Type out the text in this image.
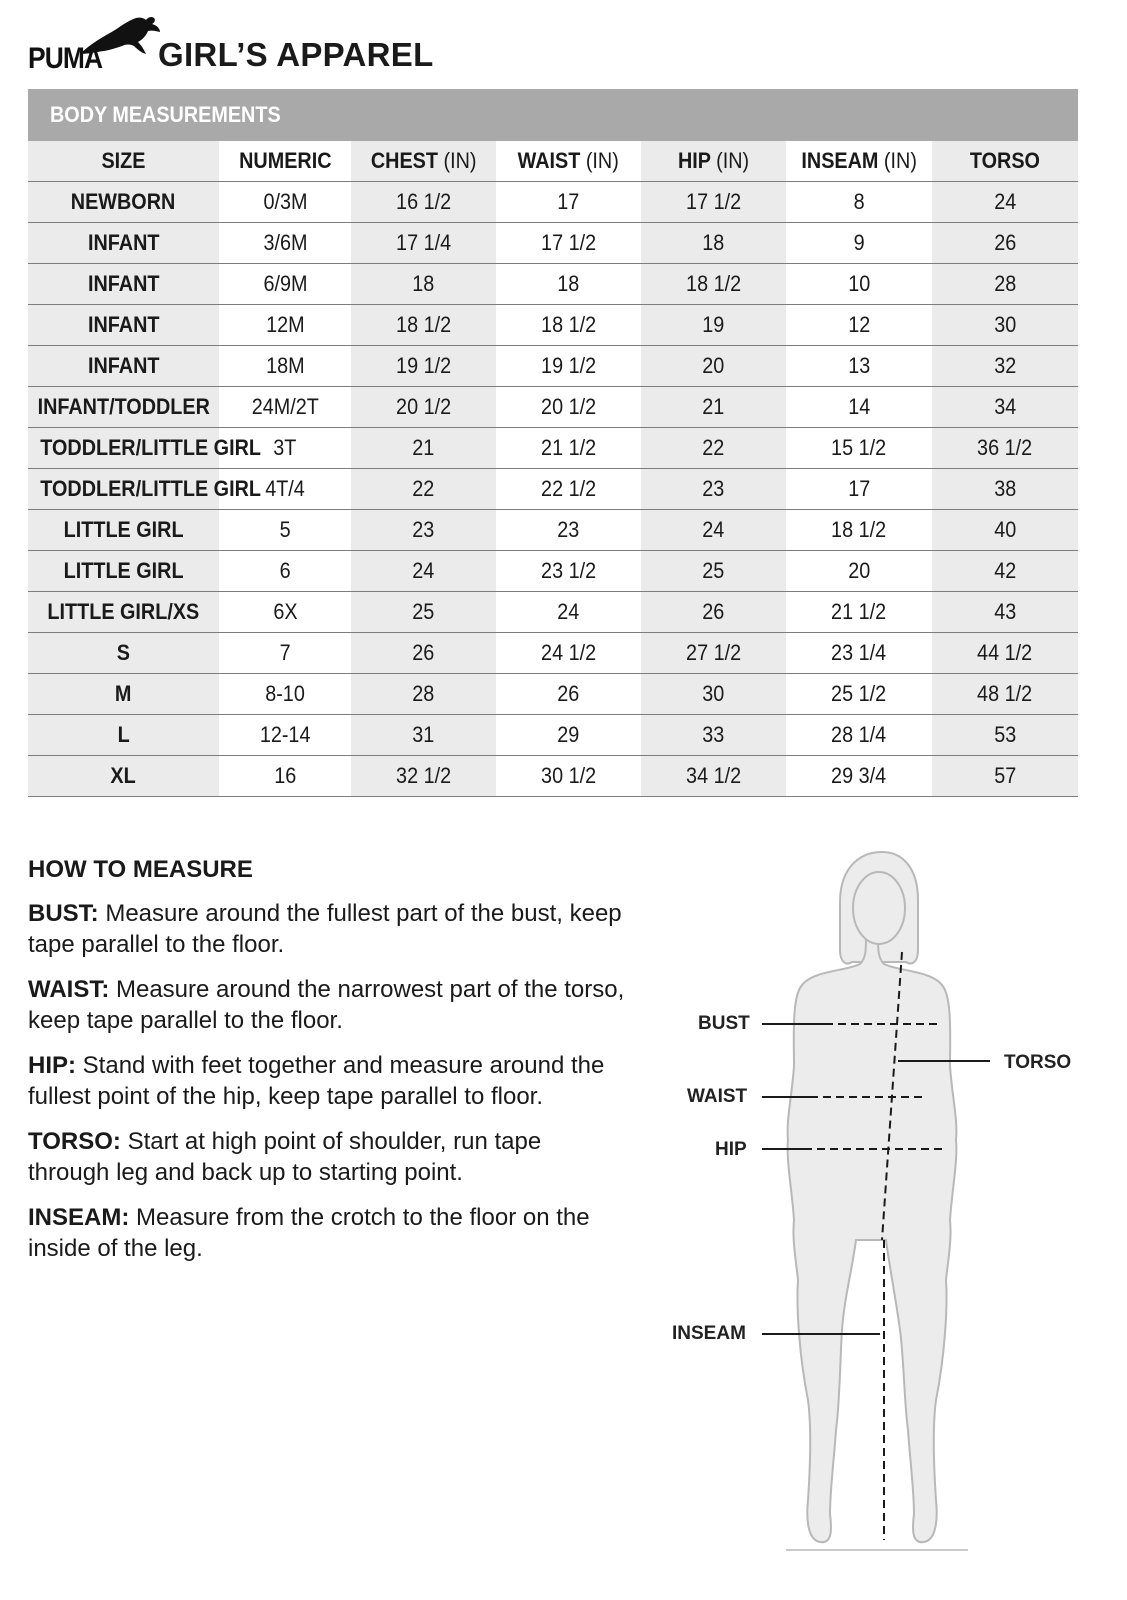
PUMA GIRL’S APPAREL
BODY MEASUREMENTS
SIZE	NUMERIC	CHEST (IN)	WAIST (IN)	HIP (IN)	INSEAM (IN)	TORSO
NEWBORN	0/3M	16 1/2	17	17 1/2	8	24
INFANT	3/6M	17 1/4	17 1/2	18	9	26
INFANT	6/9M	18	18	18 1/2	10	28
INFANT	12M	18 1/2	18 1/2	19	12	30
INFANT	18M	19 1/2	19 1/2	20	13	32
INFANT/TODDLER	24M/2T	20 1/2	20 1/2	21	14	34
TODDLER/LITTLE GIRL	3T	21	21 1/2	22	15 1/2	36 1/2
TODDLER/LITTLE GIRL	4T/4	22	22 1/2	23	17	38
LITTLE GIRL	5	23	23	24	18 1/2	40
LITTLE GIRL	6	24	23 1/2	25	20	42
LITTLE GIRL/XS	6X	25	24	26	21 1/2	43
S	7	26	24 1/2	27 1/2	23 1/4	44 1/2
M	8-10	28	26	30	25 1/2	48 1/2
L	12-14	31	29	33	28 1/4	53
XL	16	32 1/2	30 1/2	34 1/2	29 3/4	57
HOW TO MEASURE

BUST: Measure around the fullest part of the bust, keep tape parallel to the floor.

WAIST: Measure around the narrowest part of the torso, keep tape parallel to the floor.

HIP: Stand with feet together and measure around the fullest point of the hip, keep tape parallel to floor.

TORSO: Start at high point of shoulder, run tape through leg and back up to starting point.

INSEAM: Measure from the crotch to the floor on the inside of the leg.

BUST
WAIST
HIP
TORSO
INSEAM
